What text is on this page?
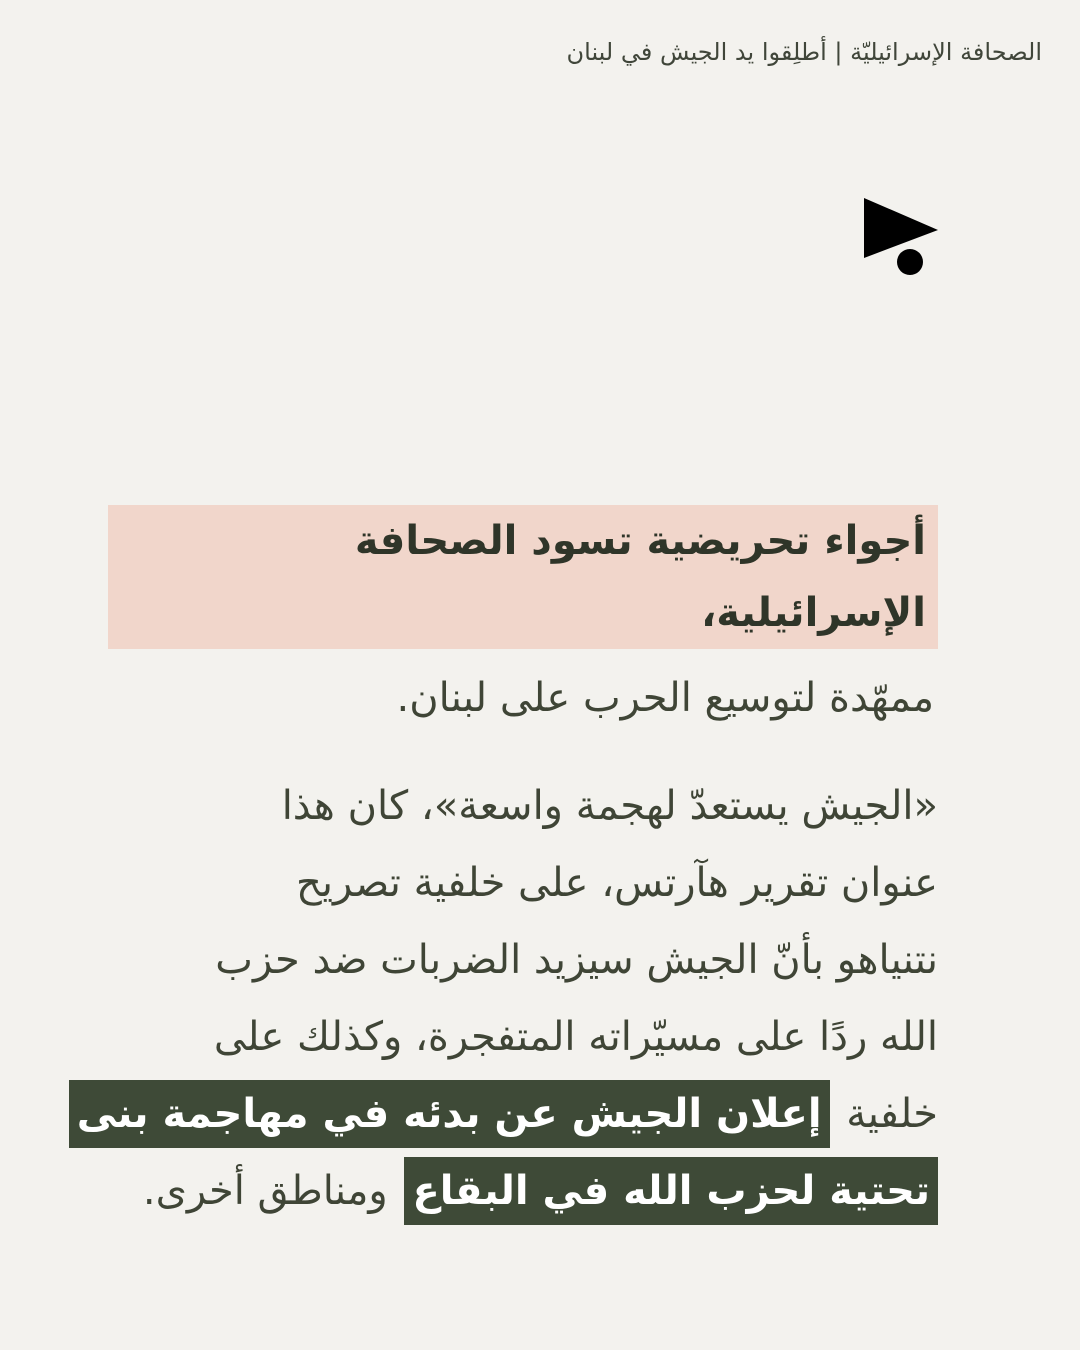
الصحافة الإسرائيليّة | أطلِقوا يد الجيش في لبنان
أجواء تحريضية تسود الصحافة الإسرائيلية،
ممهّدة لتوسيع الحرب على لبنان.
«الجيش يستعدّ لهجمة واسعة»، كان هذا
عنوان تقرير هآرتس، على خلفية تصريح
نتنياهو بأنّ الجيش سيزيد الضربات ضد حزب
الله ردًا على مسيّراته المتفجرة، وكذلك على
خلفية إعلان الجيش عن بدئه في مهاجمة بنى
تحتية لحزب الله في البقاع ومناطق أخرى.
